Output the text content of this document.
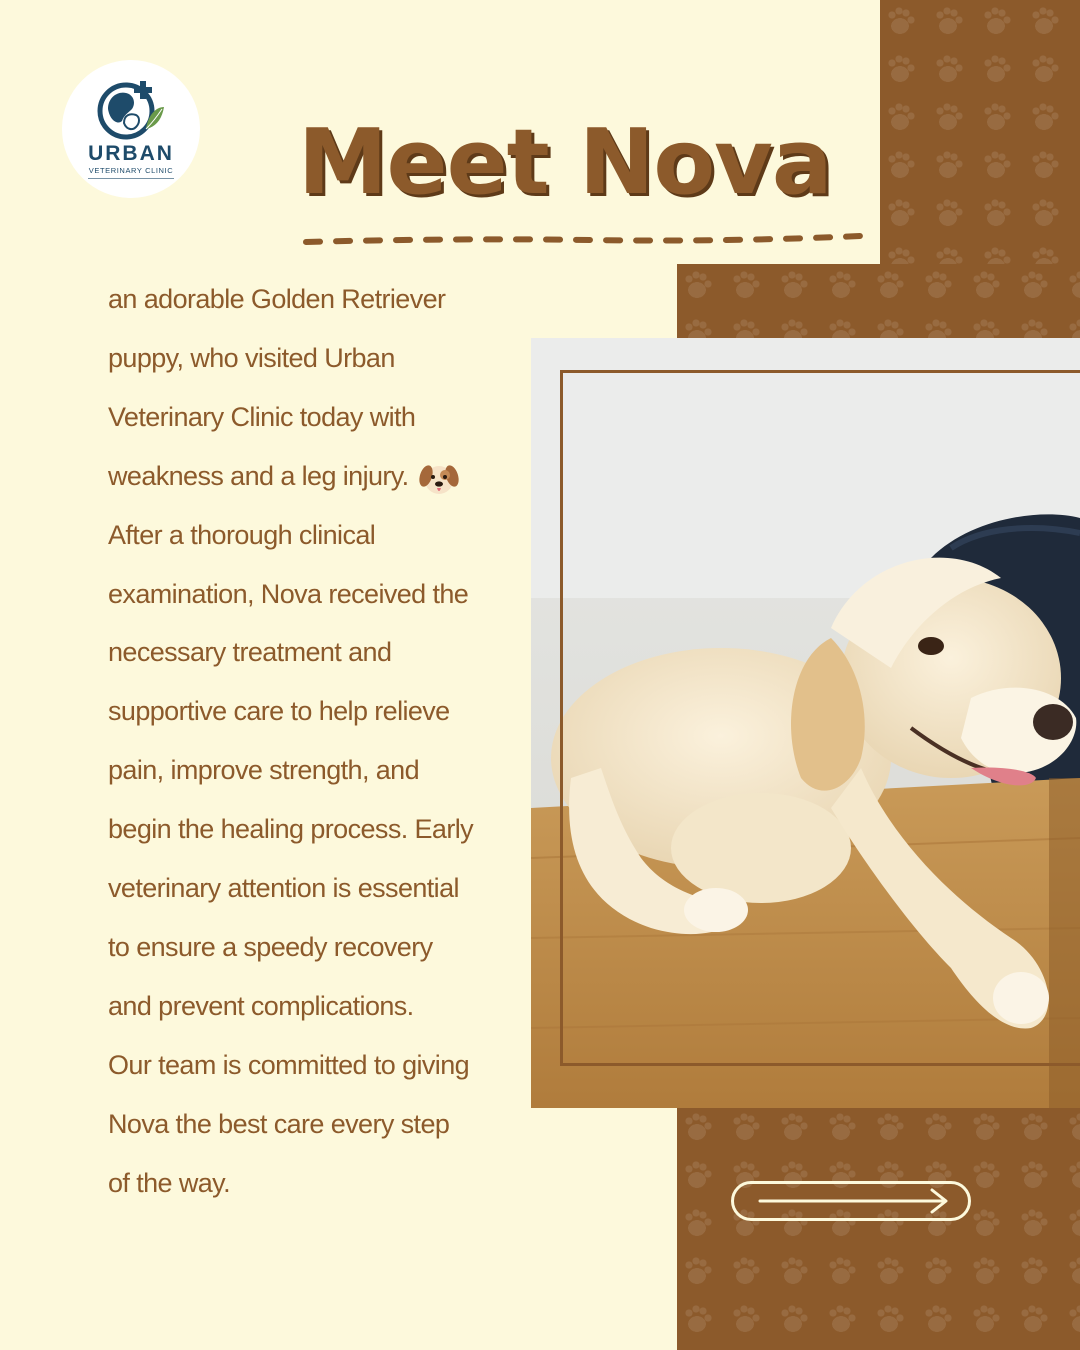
URBAN
VETERINARY CLINIC Meet Nova
an adorable Golden Retriever
puppy, who visited Urban
Veterinary Clinic today with
weakness and a leg injury.
After a thorough clinical
examination, Nova received the
necessary treatment and
supportive care to help relieve
pain, improve strength, and
begin the healing process. Early
veterinary attention is essential
to ensure a speedy recovery
and prevent complications.
Our team is committed to giving
Nova the best care every step
of the way.
